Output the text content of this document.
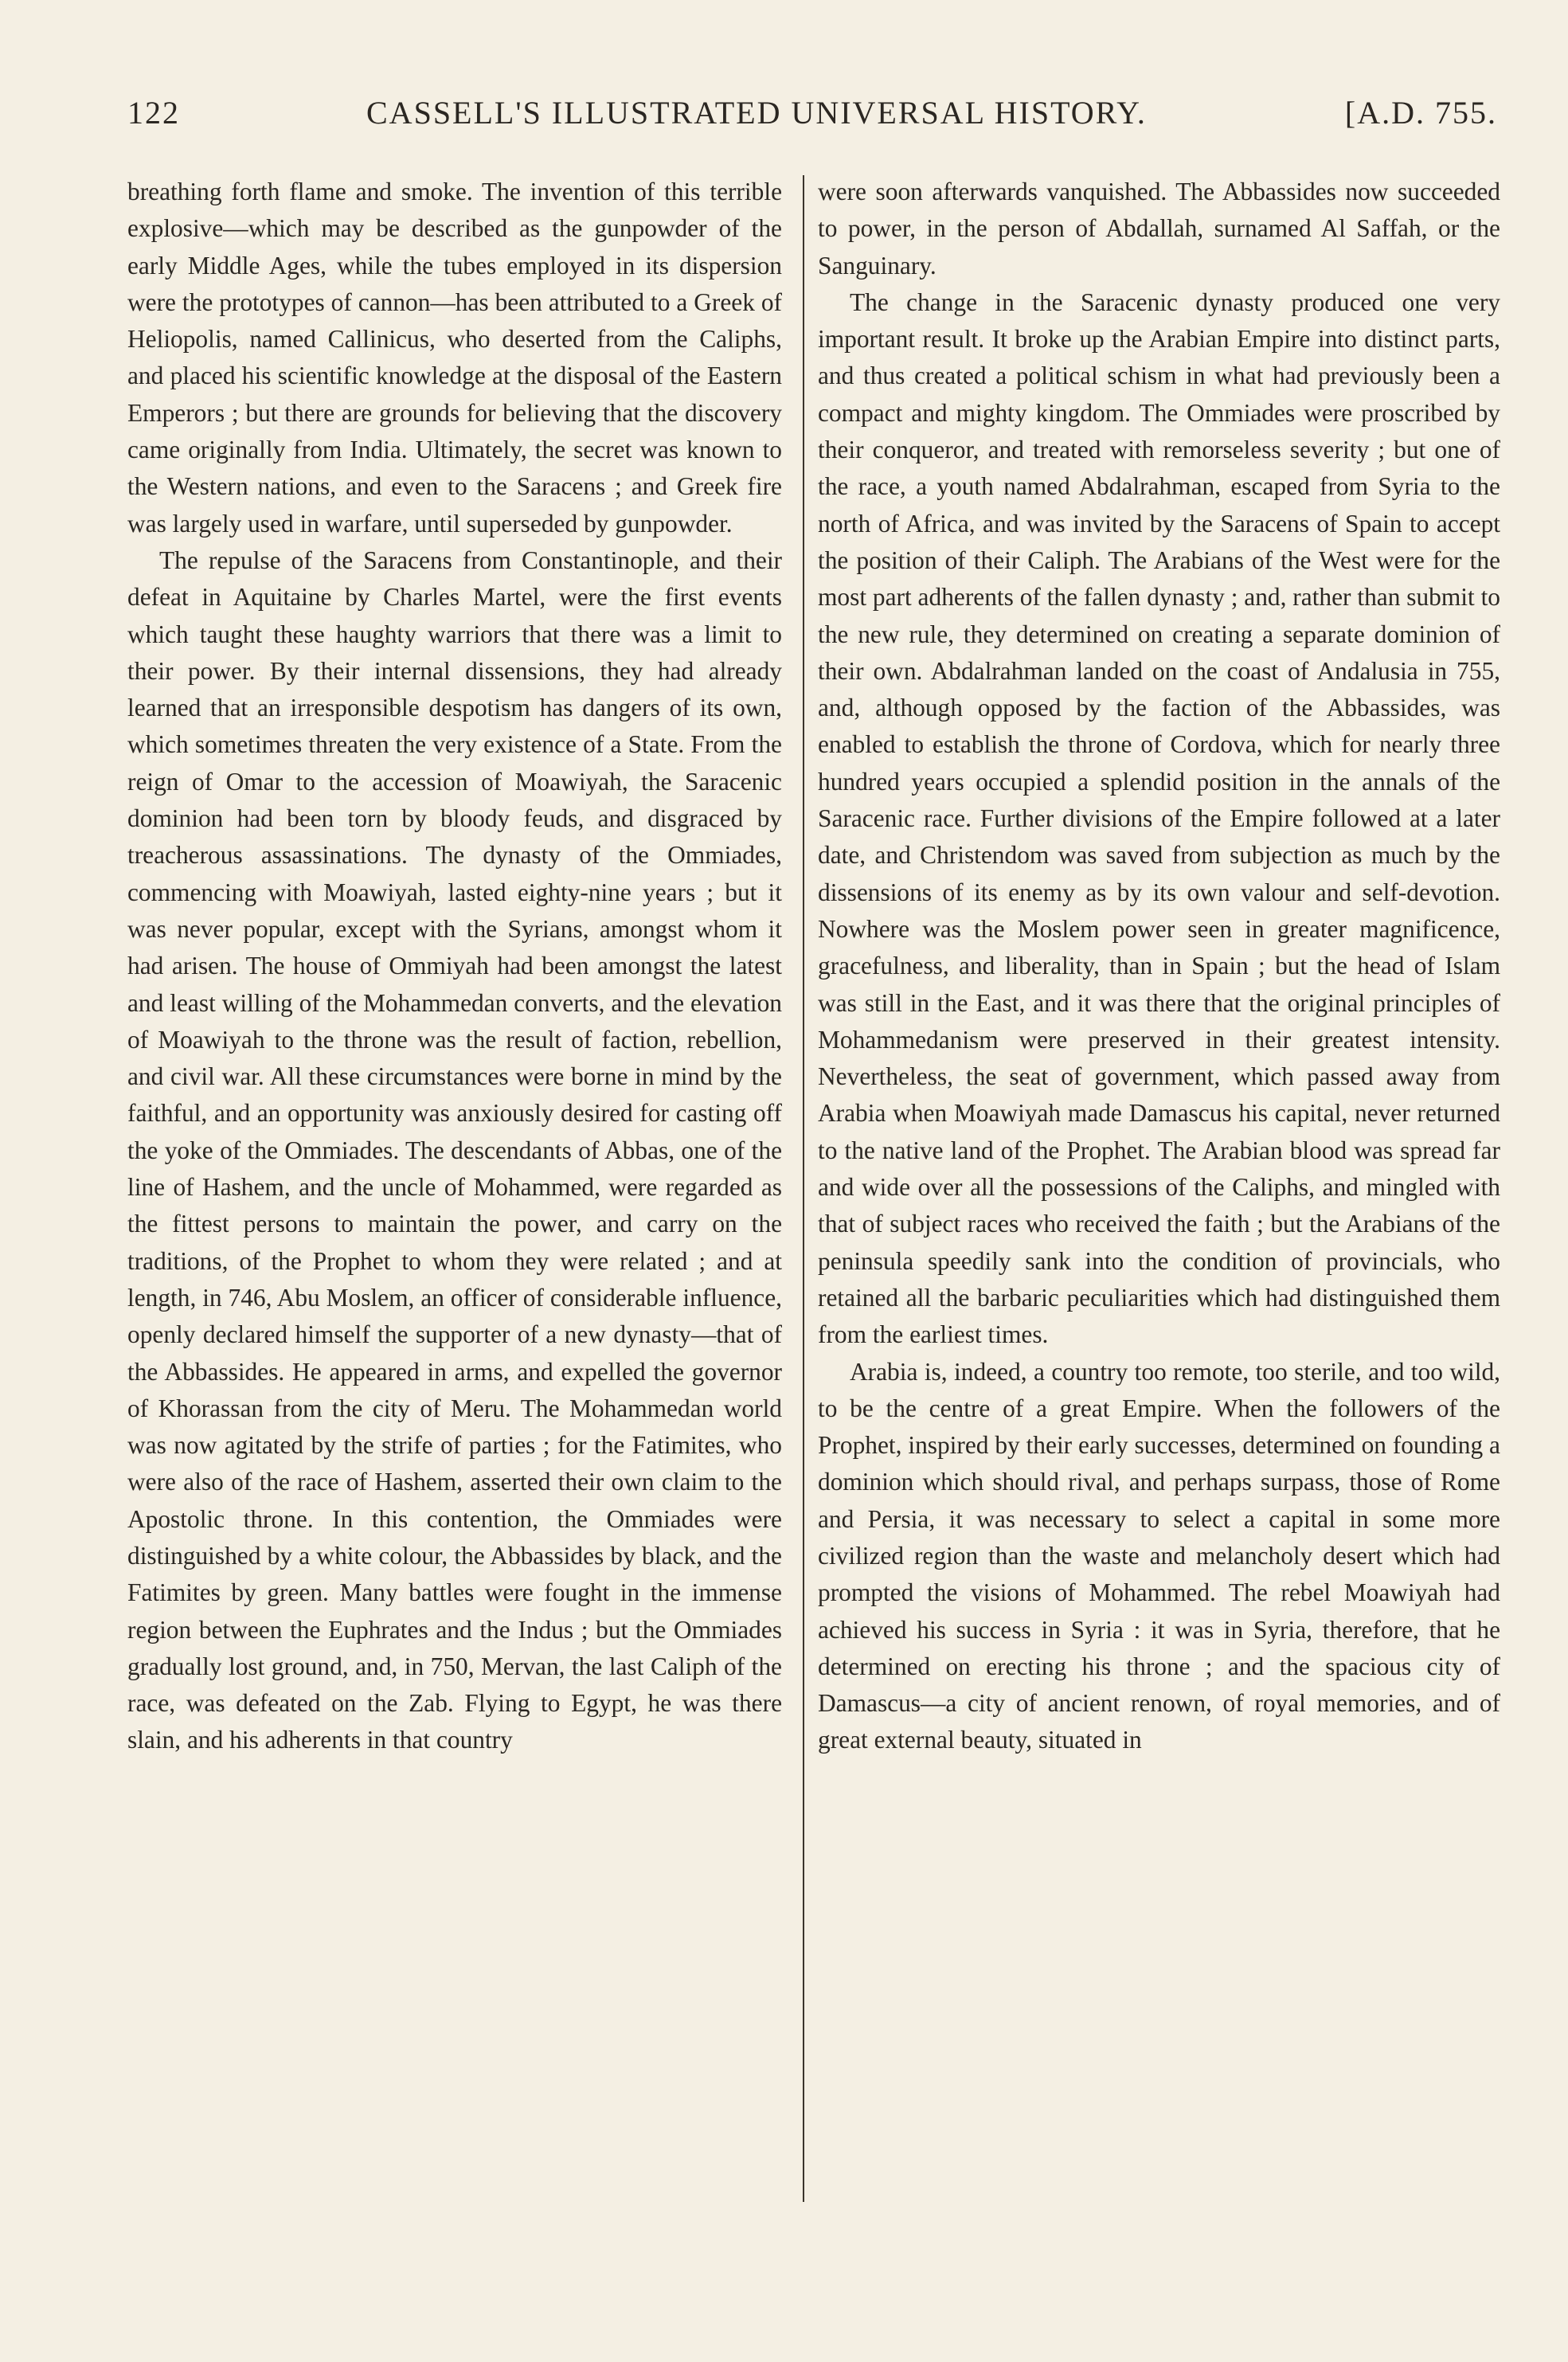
122	CASSELL'S ILLUSTRATED UNIVERSAL HISTORY.	[A.D. 755.

breathing forth flame and smoke. The invention of this terrible explosive—which may be described as the gunpowder of the early Middle Ages, while the tubes employed in its dispersion were the prototypes of cannon—has been attributed to a Greek of Heliopolis, named Callinicus, who deserted from the Caliphs, and placed his scientific knowledge at the disposal of the Eastern Emperors ; but there are grounds for believing that the discovery came originally from India. Ultimately, the secret was known to the Western nations, and even to the Saracens ; and Greek fire was largely used in warfare, until superseded by gunpowder.

The repulse of the Saracens from Constantinople, and their defeat in Aquitaine by Charles Martel, were the first events which taught these haughty warriors that there was a limit to their power. By their internal dissensions, they had already learned that an irresponsible despotism has dangers of its own, which sometimes threaten the very existence of a State. From the reign of Omar to the accession of Moawiyah, the Saracenic dominion had been torn by bloody feuds, and disgraced by treacherous assassinations. The dynasty of the Ommiades, commencing with Moawiyah, lasted eighty-nine years ; but it was never popular, except with the Syrians, amongst whom it had arisen. The house of Ommiyah had been amongst the latest and least willing of the Mohammedan converts, and the elevation of Moawiyah to the throne was the result of faction, rebellion, and civil war. All these circumstances were borne in mind by the faithful, and an opportunity was anxiously desired for casting off the yoke of the Ommiades. The descendants of Abbas, one of the line of Hashem, and the uncle of Mohammed, were regarded as the fittest persons to maintain the power, and carry on the traditions, of the Prophet to whom they were related ; and at length, in 746, Abu Moslem, an officer of considerable influence, openly declared himself the supporter of a new dynasty—that of the Abbassides. He appeared in arms, and expelled the governor of Khorassan from the city of Meru. The Mohammedan world was now agitated by the strife of parties ; for the Fatimites, who were also of the race of Hashem, asserted their own claim to the Apostolic throne. In this contention, the Ommiades were distinguished by a white colour, the Abbassides by black, and the Fatimites by green. Many battles were fought in the immense region between the Euphrates and the Indus ; but the Ommiades gradually lost ground, and, in 750, Mervan, the last Caliph of the race, was defeated on the Zab. Flying to Egypt, he was there slain, and his adherents in that country

were soon afterwards vanquished. The Abbassides now succeeded to power, in the person of Abdallah, surnamed Al Saffah, or the Sanguinary.

The change in the Saracenic dynasty produced one very important result. It broke up the Arabian Empire into distinct parts, and thus created a political schism in what had previously been a compact and mighty kingdom. The Ommiades were proscribed by their conqueror, and treated with remorseless severity ; but one of the race, a youth named Abdalrahman, escaped from Syria to the north of Africa, and was invited by the Saracens of Spain to accept the position of their Caliph. The Arabians of the West were for the most part adherents of the fallen dynasty ; and, rather than submit to the new rule, they determined on creating a separate dominion of their own. Abdalrahman landed on the coast of Andalusia in 755, and, although opposed by the faction of the Abbassides, was enabled to establish the throne of Cordova, which for nearly three hundred years occupied a splendid position in the annals of the Saracenic race. Further divisions of the Empire followed at a later date, and Christendom was saved from subjection as much by the dissensions of its enemy as by its own valour and self-devotion. Nowhere was the Moslem power seen in greater magnificence, gracefulness, and liberality, than in Spain ; but the head of Islam was still in the East, and it was there that the original principles of Mohammedanism were preserved in their greatest intensity. Nevertheless, the seat of government, which passed away from Arabia when Moawiyah made Damascus his capital, never returned to the native land of the Prophet. The Arabian blood was spread far and wide over all the possessions of the Caliphs, and mingled with that of subject races who received the faith ; but the Arabians of the peninsula speedily sank into the condition of provincials, who retained all the barbaric peculiarities which had distinguished them from the earliest times.

Arabia is, indeed, a country too remote, too sterile, and too wild, to be the centre of a great Empire. When the followers of the Prophet, inspired by their early successes, determined on founding a dominion which should rival, and perhaps surpass, those of Rome and Persia, it was necessary to select a capital in some more civilized region than the waste and melancholy desert which had prompted the visions of Mohammed. The rebel Moawiyah had achieved his success in Syria : it was in Syria, therefore, that he determined on erecting his throne ; and the spacious city of Damascus—a city of ancient renown, of royal memories, and of great external beauty, situated in
